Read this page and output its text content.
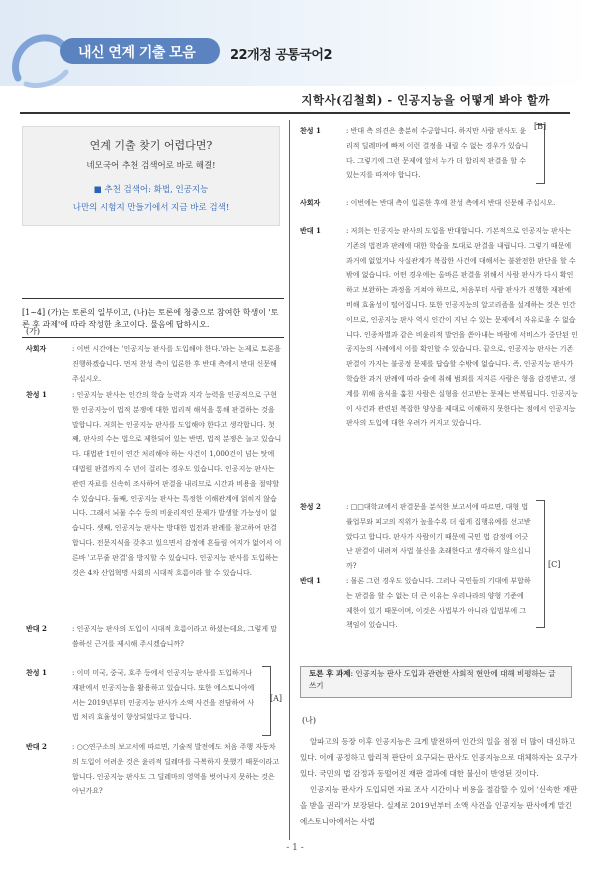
내신 연계 기출 모음	22개정 공통국어2
지학사(김철회) - 인공지능을 어떻게 봐야 할까
연계 기출 찾기 어렵다면?
네모국어 추천 검색어로 바로 해결!
■ 추천 검색어: 화법, 인공지능
나만의 시험지 만들기에서 지금 바로 검색!
[1~4] (가)는 토론의 일부이고, (나)는 토론에 청중으로 참여한 학생이 '토론 후 과제'에 따라 작성한 초고이다. 물음에 답하시오.
(가)
사회자	: 이번 시간에는 '인공지능 판사를 도입해야 한다.'라는 논제로 토론을 진행하겠습니다. 먼저 찬성 측이 입론한 후 반대 측에서 반대 신문해 주십시오.
찬성 1	: 인공지능 판사는 인간의 학습 능력과 지각 능력을 인공적으로 구현한 인공지능이 법적 분쟁에 대한 법리적 해석을 통해 판결하는 것을 말합니다. 저희는 인공지능 판사를 도입해야 한다고 생각합니다. 첫째, 판사의 수는 법으로 제한되어 있는 반면, 법적 분쟁은 늘고 있습니다. 대법관 1인이 연간 처리해야 하는 사건이 1,000건이 넘는 탓에 대법원 판결까지 수 년이 걸리는 경우도 있습니다. 인공지능 판사는 관련 자료를 신속히 조사하여 판결을 내리므로 시간과 비용을 절약할 수 있습니다. 둘째, 인공지능 판사는 특정한 이해관계에 얽히지 않습니다. 그래서 뇌물 수수 등의 비윤리적인 문제가 발생할 가능성이 없습니다. 셋째, 인공지능 판사는 방대한 법전과 판례를 참고하여 판결합니다. 전문지식을 갖추고 있으면서 감정에 흔들림 여지가 없어서 이른바 '고무줄 판결'을 방지할 수 있습니다. 인공지능 판사를 도입하는 것은 4차 산업혁명 사회의 시대적 흐름이라 할 수 있습니다.
반대 2	: 인공지능 판사의 도입이 시대적 흐름이라고 하셨는데요, 그렇게 말씀하신 근거를 제시해 주시겠습니까?
찬성 1	: 이미 미국, 중국, 호주 등에서 인공지능 판사를 도입하거나 재판에서 인공지능을 활용하고 있습니다. 또한 에스토니아에서는 2019년부터 인공지능 판사가 소액 사건을 전담하여 사법 처리 효율성이 향상되었다고 합니다.
반대 2	: ○○연구소의 보고서에 따르면, 기술적 발전에도 처음 주행 자동차의 도입이 어려운 것은 윤리적 딜레마를 극복하지 못했기 때문이라고 합니다. 인공지능 판사도 그 딜레마의 영역을 벗어나지 못하는 것은 아닌가요?
[A]
찬성 1	: 반대 측 의견은 충분히 수긍합니다. 하지만 사람 판사도 윤리적 딜레마에 빠져 이런 결정을 내릴 수 없는 경우가 있습니다. 그렇기에 그런 문제에 앞서 누가 더 합리적 판결을 할 수 있는지를 따져야 합니다.
[B]
사회자	: 이번에는 반대 측이 입론한 후에 찬성 측에서 반대 신문해 주십시오.
반대 1	: 저희는 인공지능 판사의 도입을 반대합니다. 기본적으로 인공지능 판사는 기존의 법전과 판례에 대한 학습을 토대로 판결을 내립니다. 그렇기 때문에 과거에 없었거나 사실관계가 복잡한 사건에 대해서는 불완전한 판단을 할 수 밖에 없습니다. 어떤 경우에는 올바른 판결을 위해서 사람 판사가 다시 확인하고 보완하는 과정을 거쳐야 하므로, 처음부터 사람 판사가 진행한 재판에 비해 효율성이 떨어집니다. 또한 인공지능의 알고리즘을 설계하는 것은 인간이므로, 인공지능 판사 역시 인간이 지닌 수 있는 문제에서 자유로울 수 없습니다. 인종차별과 같은 비윤리적 발언을 쏟아내는 바람에 서비스가 중단된 인공지능의 사례에서 이를 확인할 수 있습니다. 끝으로, 인공지능 판사는 기존 판결이 가지는 불공정 문제를 답습할 수밖에 없습니다. 즉, 인공지능 판사가 학습한 과거 판례에 따라 술에 취해 범죄를 저지른 사람은 형을 감경받고, 생계를 위해 음식을 훔친 사람은 실형을 선고받는 문제는 반복됩니다. 인공지능이 사건과 관련된 복잡한 양상을 제대로 이해하지 못한다는 점에서 인공지능 판사의 도입에 대한 우려가 커지고 있습니다.
찬성 2	: □□대학교에서 판결문을 분석한 보고서에 따르면, 대형 법률업무와 피고의 직위가 높을수록 더 쉽게 집행유예를 선고받았다고 합니다. 판사가 사람이기 때문에 국민 법 감정에 어긋난 판결이 내려져 사법 불신을 초래한다고 생각하지 않으십니까?
반대 1	: 물론 그런 경우도 있습니다. 그러나 국민들의 기대에 부합하는 판결을 할 수 없는 더 큰 이유는 우리나라의 양형 기준에 제한이 있기 때문이며, 이것은 사법부가 아니라 입법부에 그 책임이 있습니다.
[C]
토론 후 과제: 인공지능 판사 도입과 관련한 사회적 현안에 대해 비평하는 글 쓰기
(나)
알파고의 등장 이후 인공지능은 크게 발전하여 인간의 일을 점점 더 많이 대신하고 있다. 이에 공정하고 합리적 판단이 요구되는 판사도 인공지능으로 대체하자는 요구가 있다. 국민의 법 감정과 동떨어진 재판 결과에 대한 불신이 반영된 것이다.
인공지능 판사가 도입되면 자료 조사 시간이나 비용을 절감할 수 있어 '신속한 재판을 받을 권리'가 보장된다. 실제로 2019년부터 소액 사건을 인공지능 판사에게 맡긴 에스토니아에서는 사법
- 1 -
